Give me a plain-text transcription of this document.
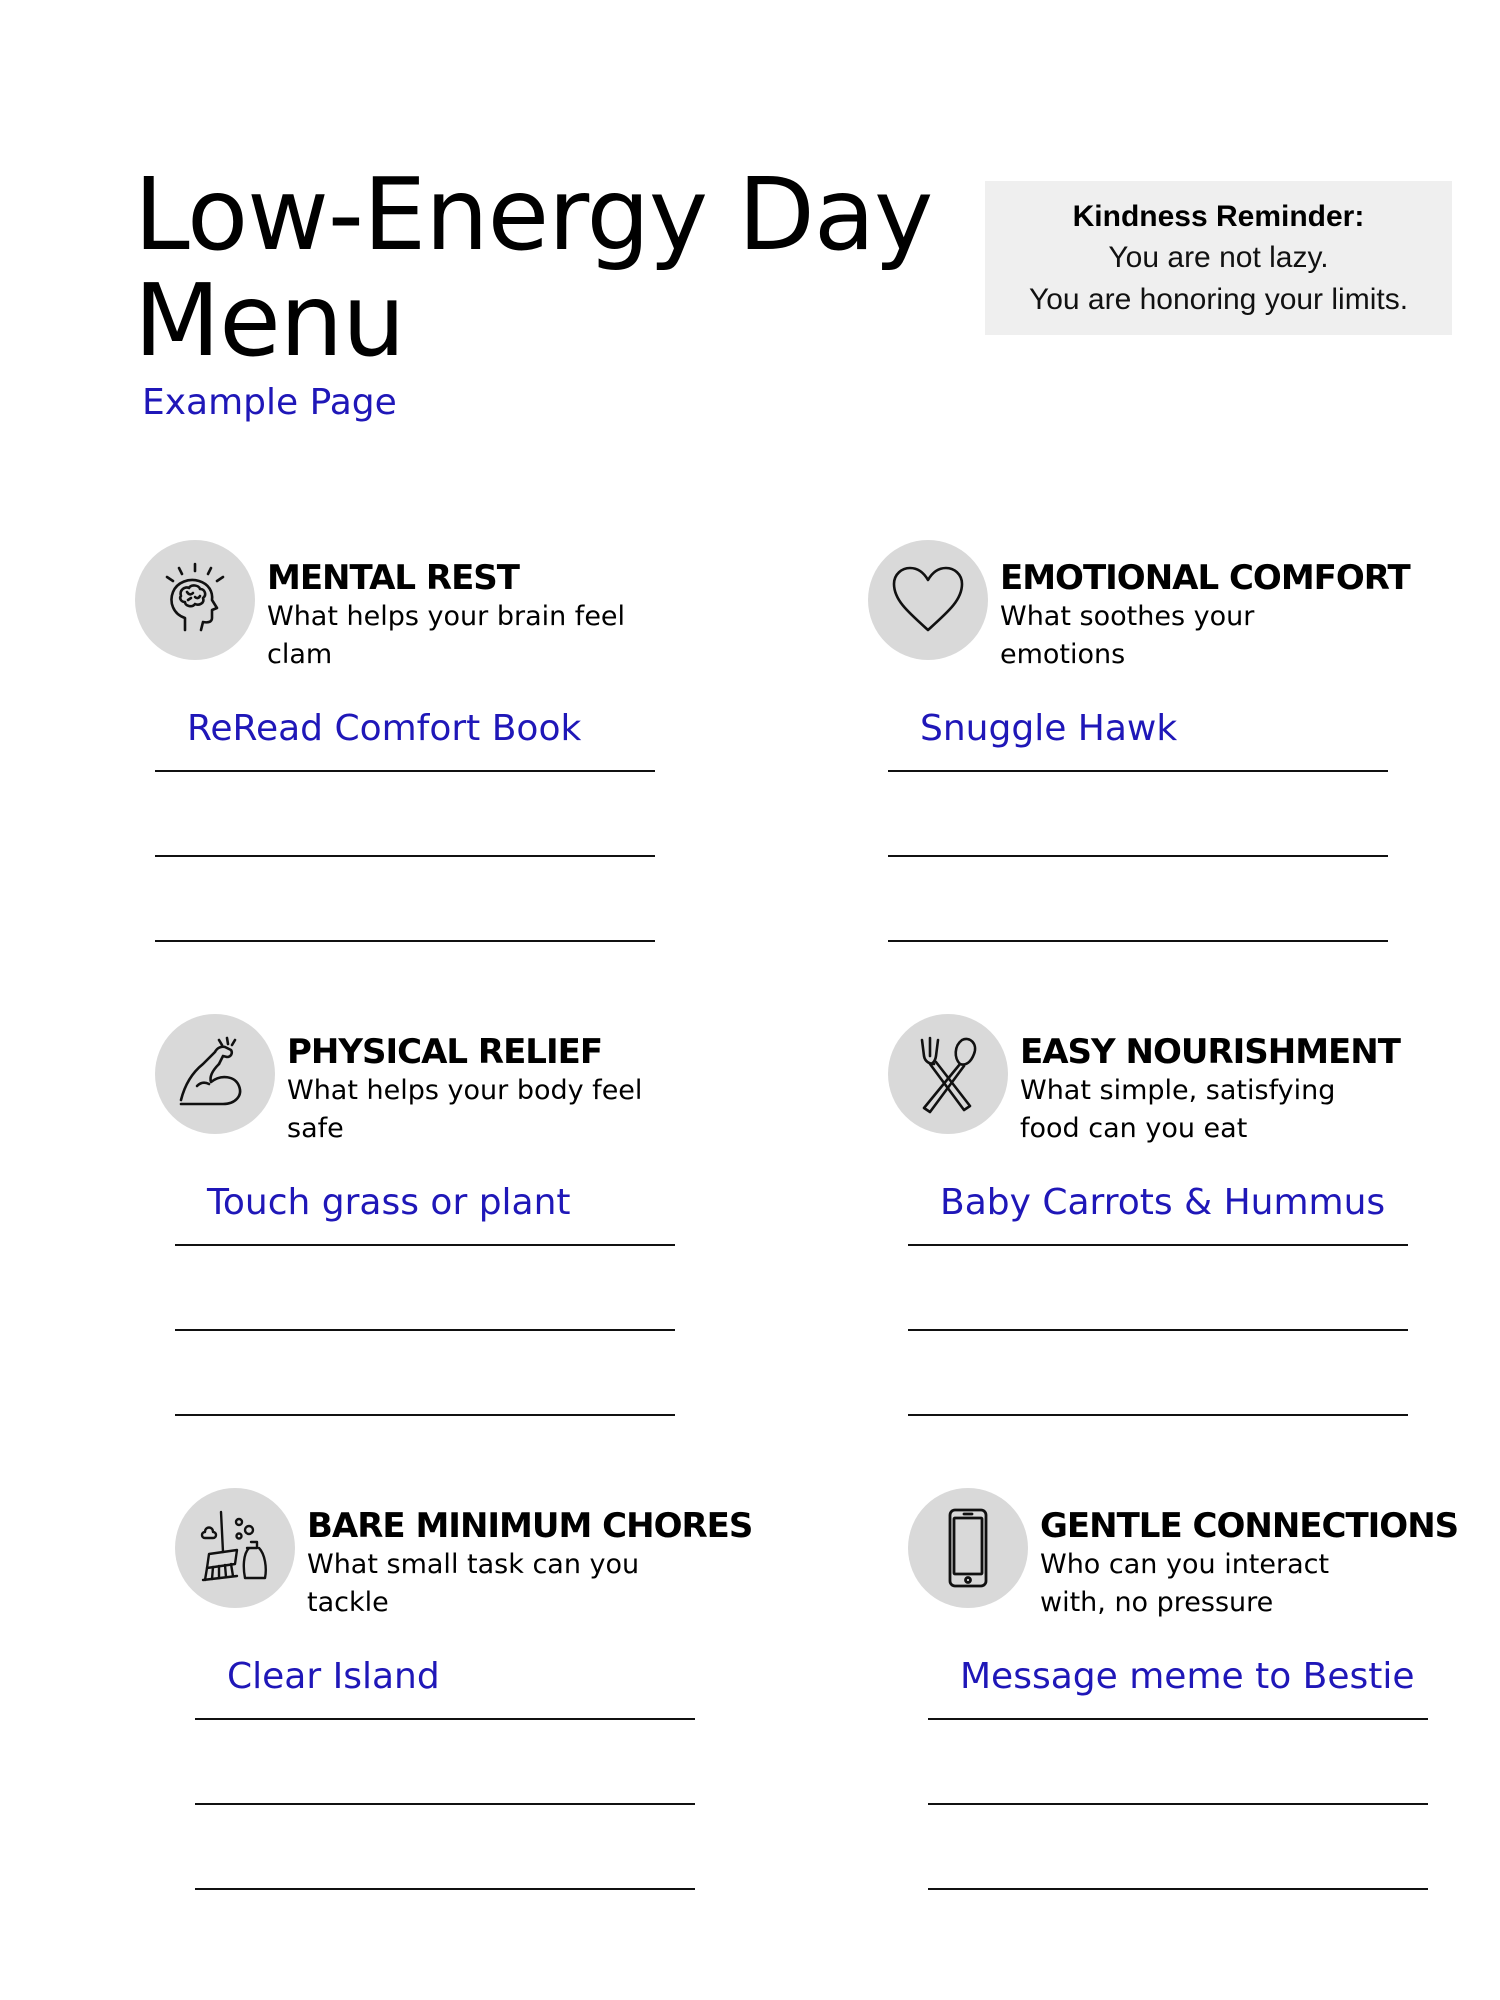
Low-Energy Day
Menu
Example Page
Kindness Reminder:
You are not lazy.
You are honoring your limits.
MENTAL REST
What helps your brain feel clam
ReRead Comfort Book
EMOTIONAL COMFORT
What soothes your emotions
Snuggle Hawk
PHYSICAL RELIEF
What helps your body feel safe
Touch grass or plant
EASY NOURISHMENT
What simple, satisfying food can you eat
Baby Carrots & Hummus
BARE MINIMUM CHORES
What small task can you tackle
Clear Island
GENTLE CONNECTIONS
Who can you interact with, no pressure
Message meme to Bestie
